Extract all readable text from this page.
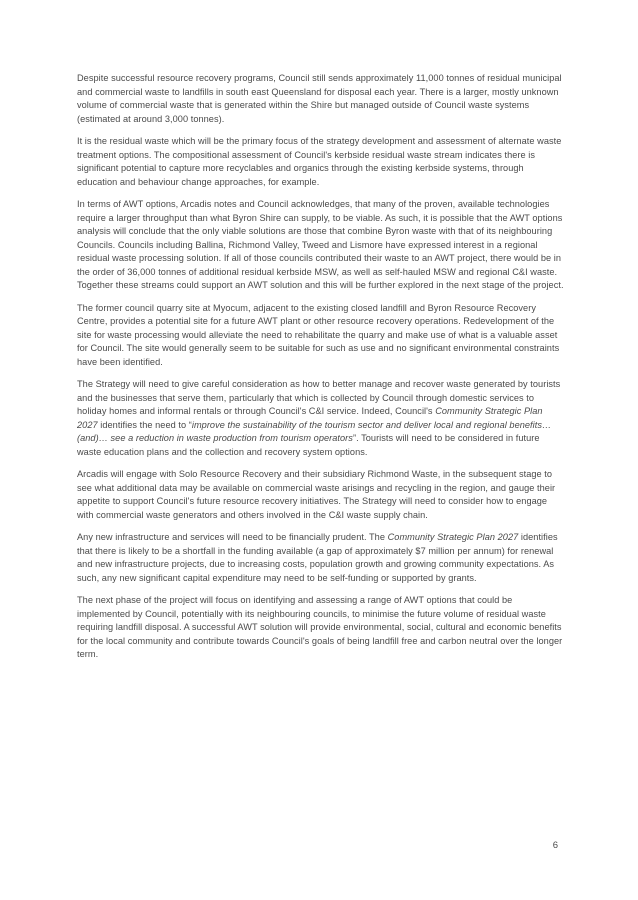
Despite successful resource recovery programs, Council still sends approximately 11,000 tonnes of residual municipal and commercial waste to landfills in south east Queensland for disposal each year. There is a larger, mostly unknown volume of commercial waste that is generated within the Shire but managed outside of Council waste systems (estimated at around 3,000 tonnes).

It is the residual waste which will be the primary focus of the strategy development and assessment of alternate waste treatment options. The compositional assessment of Council's kerbside residual waste stream indicates there is significant potential to capture more recyclables and organics through the existing kerbside systems, through education and behaviour change approaches, for example.

In terms of AWT options, Arcadis notes and Council acknowledges, that many of the proven, available technologies require a larger throughput than what Byron Shire can supply, to be viable. As such, it is possible that the AWT options analysis will conclude that the only viable solutions are those that combine Byron waste with that of its neighbouring Councils. Councils including Ballina, Richmond Valley, Tweed and Lismore have expressed interest in a regional residual waste processing solution. If all of those councils contributed their waste to an AWT project, there would be in the order of 36,000 tonnes of additional residual kerbside MSW, as well as self-hauled MSW and regional C&I waste. Together these streams could support an AWT solution and this will be further explored in the next stage of the project.

The former council quarry site at Myocum, adjacent to the existing closed landfill and Byron Resource Recovery Centre, provides a potential site for a future AWT plant or other resource recovery operations. Redevelopment of the site for waste processing would alleviate the need to rehabilitate the quarry and make use of what is a valuable asset for Council. The site would generally seem to be suitable for such as use and no significant environmental constraints have been identified.

The Strategy will need to give careful consideration as how to better manage and recover waste generated by tourists and the businesses that serve them, particularly that which is collected by Council through domestic services to holiday homes and informal rentals or through Council's C&I service. Indeed, Council's Community Strategic Plan 2027 identifies the need to “improve the sustainability of the tourism sector and deliver local and regional benefits…(and)… see a reduction in waste production from tourism operators”. Tourists will need to be considered in future waste education plans and the collection and recovery system options.

Arcadis will engage with Solo Resource Recovery and their subsidiary Richmond Waste, in the subsequent stage to see what additional data may be available on commercial waste arisings and recycling in the region, and gauge their appetite to support Council's future resource recovery initiatives. The Strategy will need to consider how to engage with commercial waste generators and others involved in the C&I waste supply chain.

Any new infrastructure and services will need to be financially prudent. The Community Strategic Plan 2027 identifies that there is likely to be a shortfall in the funding available (a gap of approximately $7 million per annum) for renewal and new infrastructure projects, due to increasing costs, population growth and growing community expectations. As such, any new significant capital expenditure may need to be self-funding or supported by grants.

The next phase of the project will focus on identifying and assessing a range of AWT options that could be implemented by Council, potentially with its neighbouring councils, to minimise the future volume of residual waste requiring landfill disposal. A successful AWT solution will provide environmental, social, cultural and economic benefits for the local community and contribute towards Council's goals of being landfill free and carbon neutral over the longer term.

6
